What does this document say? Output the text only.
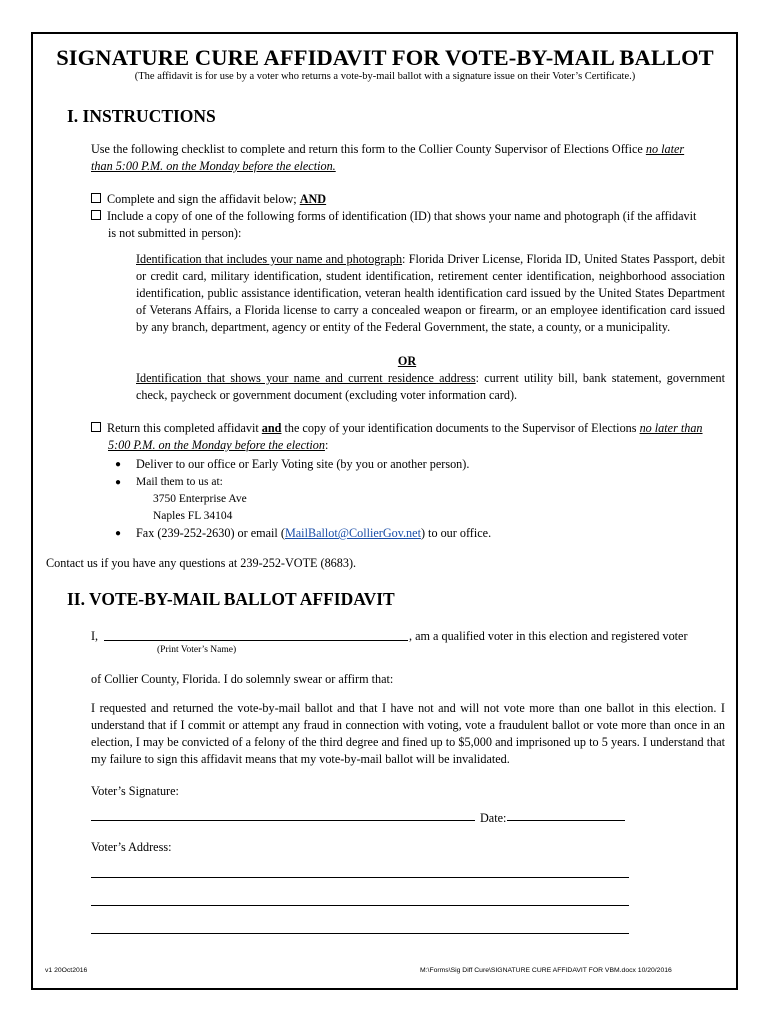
SIGNATURE CURE AFFIDAVIT FOR VOTE-BY-MAIL BALLOT
(The affidavit is for use by a voter who returns a vote-by-mail ballot with a signature issue on their Voter’s Certificate.)
I. INSTRUCTIONS
Use the following checklist to complete and return this form to the Collier County Supervisor of Elections Office no later
than 5:00 P.M. on the Monday before the election.
Complete and sign the affidavit below; AND
Include a copy of one of the following forms of identification (ID) that shows your name and photograph (if the affidavit
is not submitted in person):
Identification that includes your name and photograph: Florida Driver License, Florida ID, United States Passport, debit or credit card, military identification, student identification, retirement center identification, neighborhood association identification, public assistance identification, veteran health identification card issued by the United States Department of Veterans Affairs, a Florida license to carry a concealed weapon or firearm, or an employee identification card issued by any branch, department, agency or entity of the Federal Government, the state, a county, or a municipality.
OR
Identification that shows your name and current residence address: current utility bill, bank statement, government check, paycheck or government document (excluding voter information card).
Return this completed affidavit and the copy of your identification documents to the Supervisor of Elections no later than
5:00 P.M. on the Monday before the election:
● Deliver to our office or Early Voting site (by you or another person).
● Mail them to us at:
3750 Enterprise Ave
Naples FL 34104
● Fax (239-252-2630) or email (MailBallot@CollierGov.net) to our office.
Contact us if you have any questions at 239-252-VOTE (8683).
II. VOTE-BY-MAIL BALLOT AFFIDAVIT
I,	, am a qualified voter in this election and registered voter
(Print Voter’s Name)
of Collier County, Florida. I do solemnly swear or affirm that:
I requested and returned the vote-by-mail ballot and that I have not and will not vote more than one ballot in this election. I understand that if I commit or attempt any fraud in connection with voting, vote a fraudulent ballot or vote more than once in an election, I may be convicted of a felony of the third degree and fined up to $5,000 and imprisoned up to 5 years. I understand that my failure to sign this affidavit means that my vote-by-mail ballot will be invalidated.
Voter’s Signature:
Date:
Voter’s Address:
v1 20Oct2016	M:\Forms\Sig Diff Cure\SIGNATURE CURE AFFIDAVIT FOR VBM.docx 10/20/2016
